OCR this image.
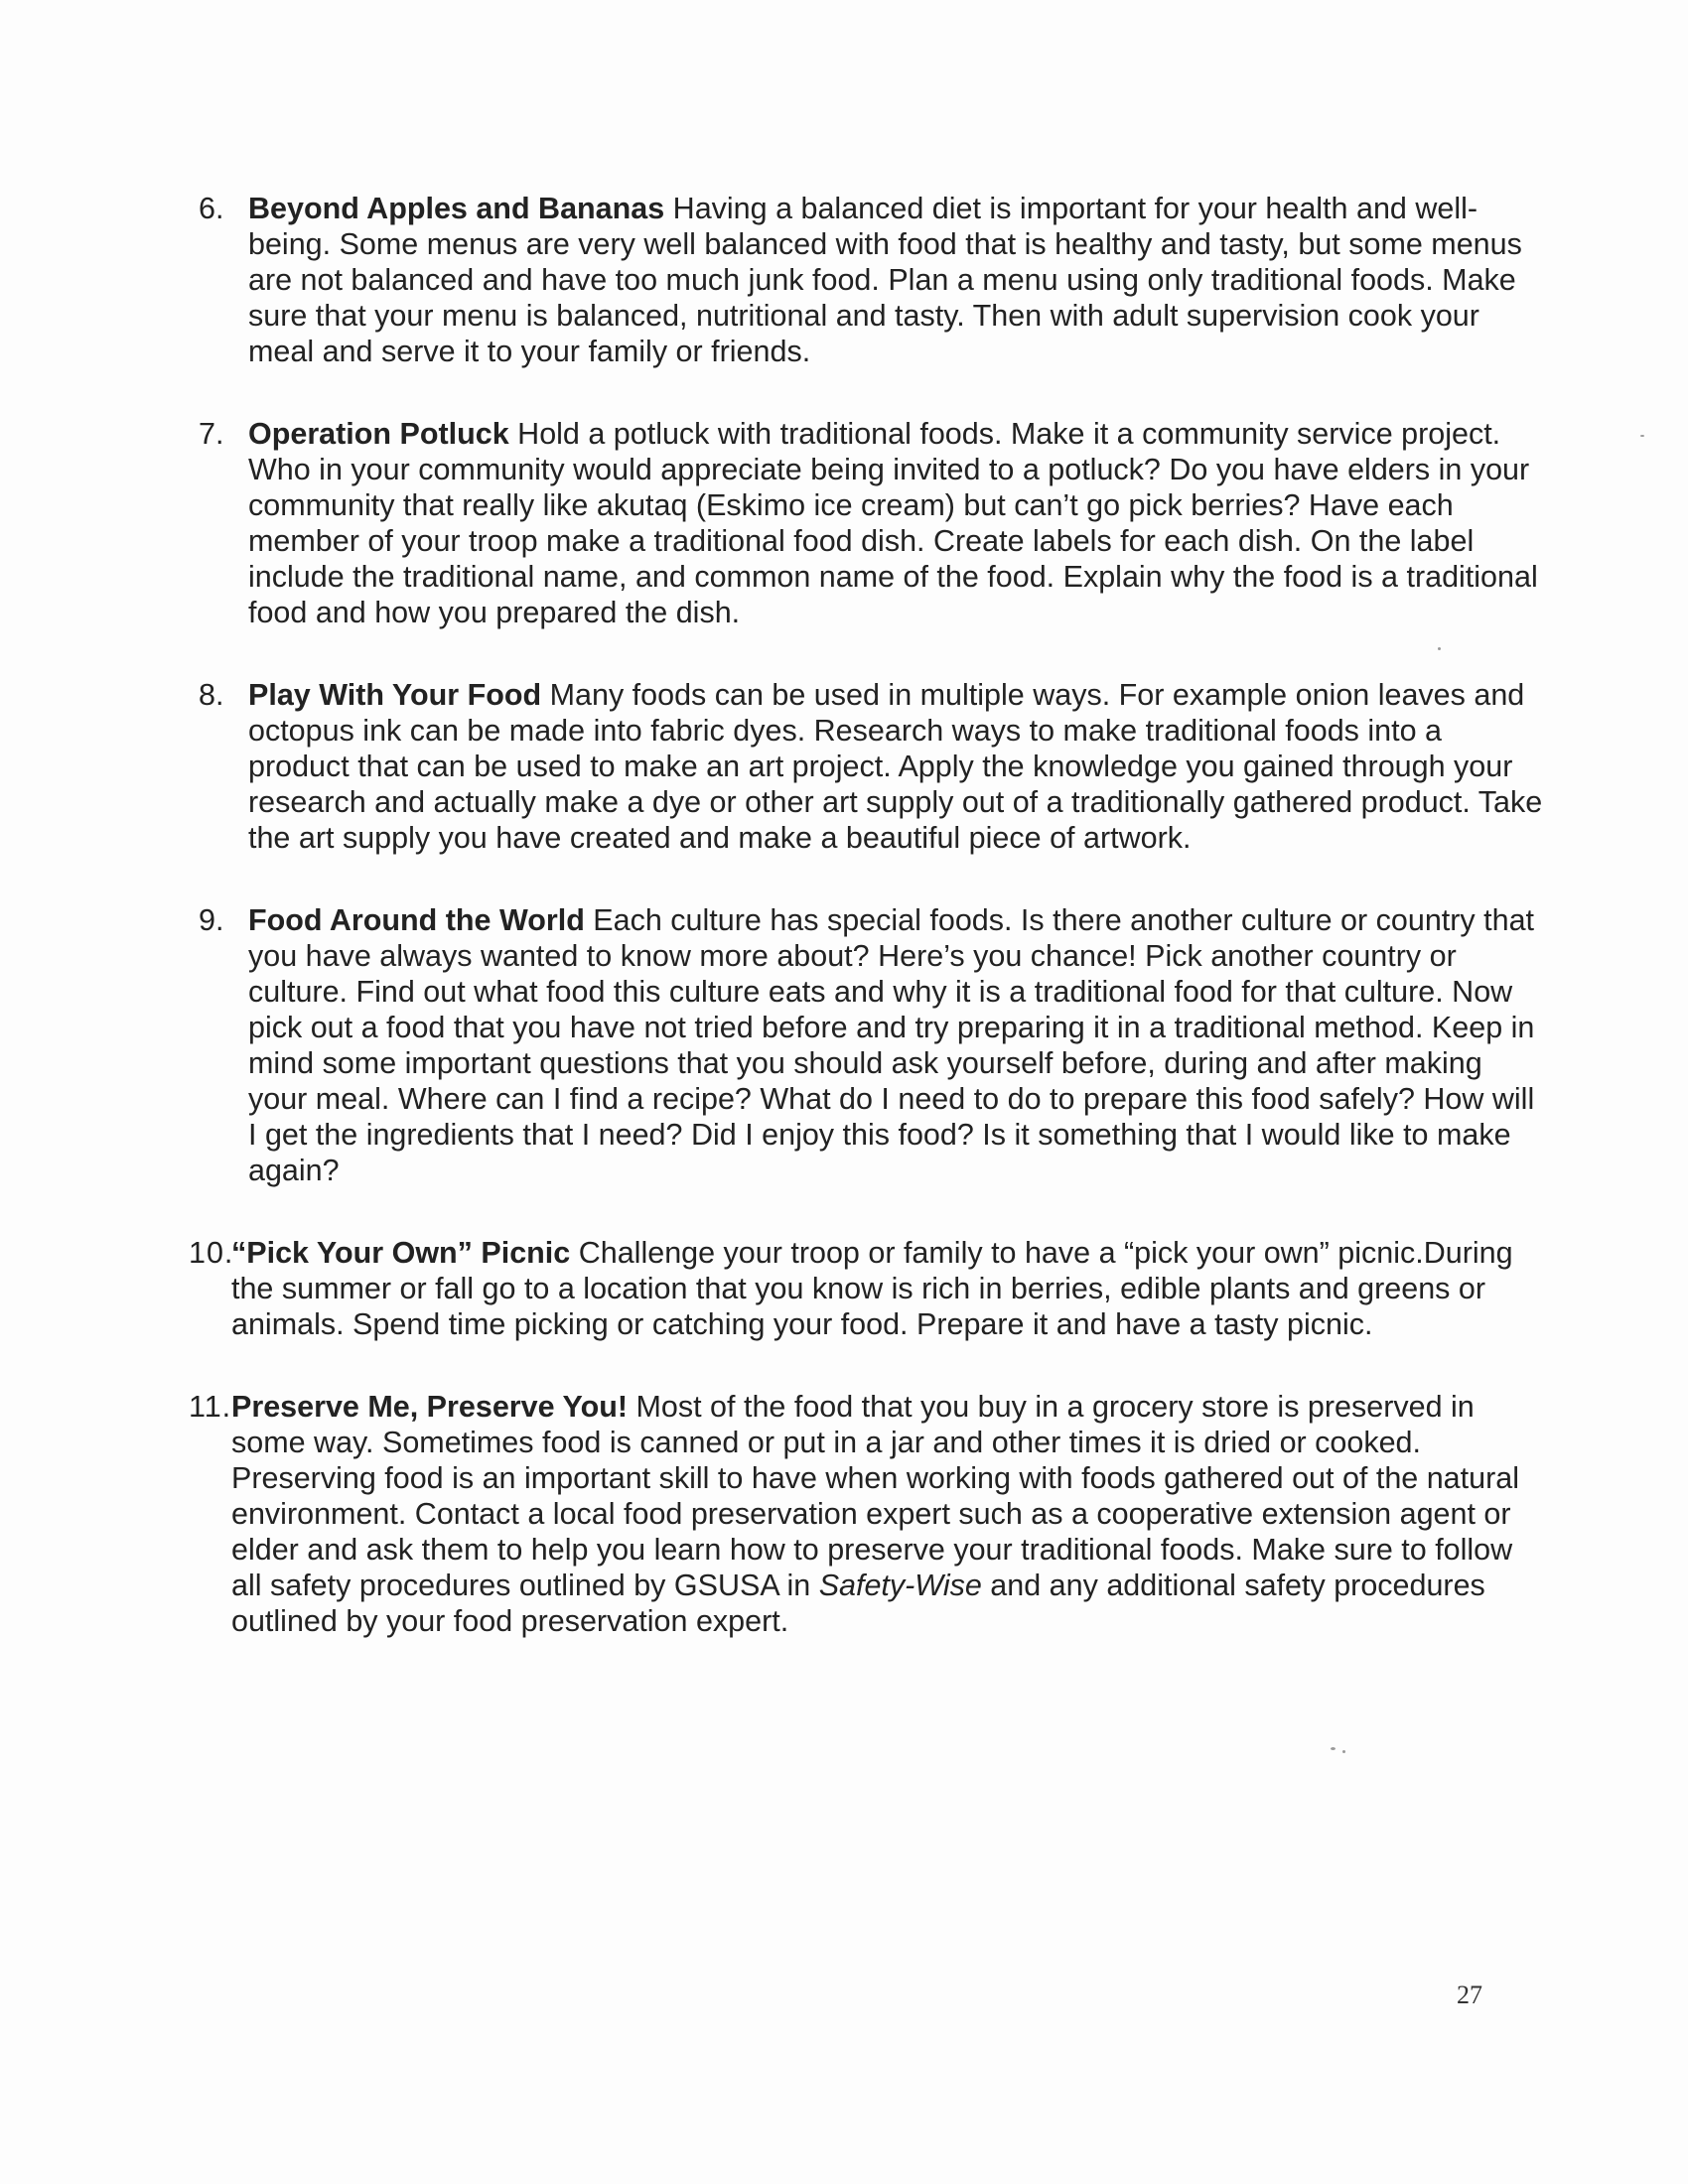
6. Beyond Apples and Bananas Having a balanced diet is important for your health and well-being. Some menus are very well balanced with food that is healthy and tasty, but some menus are not balanced and have too much junk food. Plan a menu using only traditional foods. Make sure that your menu is balanced, nutritional and tasty. Then with adult supervision cook your meal and serve it to your family or friends.
7. Operation Potluck Hold a potluck with traditional foods. Make it a community service project. Who in your community would appreciate being invited to a potluck? Do you have elders in your community that really like akutaq (Eskimo ice cream) but can’t go pick berries? Have each member of your troop make a traditional food dish. Create labels for each dish. On the label include the traditional name, and common name of the food. Explain why the food is a traditional food and how you prepared the dish.
8. Play With Your Food Many foods can be used in multiple ways. For example onion leaves and octopus ink can be made into fabric dyes. Research ways to make traditional foods into a product that can be used to make an art project. Apply the knowledge you gained through your research and actually make a dye or other art supply out of a traditionally gathered product. Take the art supply you have created and make a beautiful piece of artwork.
9. Food Around the World Each culture has special foods. Is there another culture or country that you have always wanted to know more about? Here’s you chance! Pick another country or culture. Find out what food this culture eats and why it is a traditional food for that culture. Now pick out a food that you have not tried before and try preparing it in a traditional method. Keep in mind some important questions that you should ask yourself before, during and after making your meal. Where can I find a recipe? What do I need to do to prepare this food safely? How will I get the ingredients that I need? Did I enjoy this food? Is it something that I would like to make again?
10.
“Pick Your Own” Picnic Challenge your troop or family to have a “pick your own” picnic.During the summer or fall go to a location that you know is rich in berries, edible plants and greens or animals. Spend time picking or catching your food. Prepare it and have a tasty picnic.
11. Preserve Me, Preserve You! Most of the food that you buy in a grocery store is preserved in some way. Sometimes food is canned or put in a jar and other times it is dried or cooked. Preserving food is an important skill to have when working with foods gathered out of the natural environment. Contact a local food preservation expert such as a cooperative extension agent or elder and ask them to help you learn how to preserve your traditional foods. Make sure to follow all safety procedures outlined by GSUSA in Safety-Wise and any additional safety procedures outlined by your food preservation expert.
27
